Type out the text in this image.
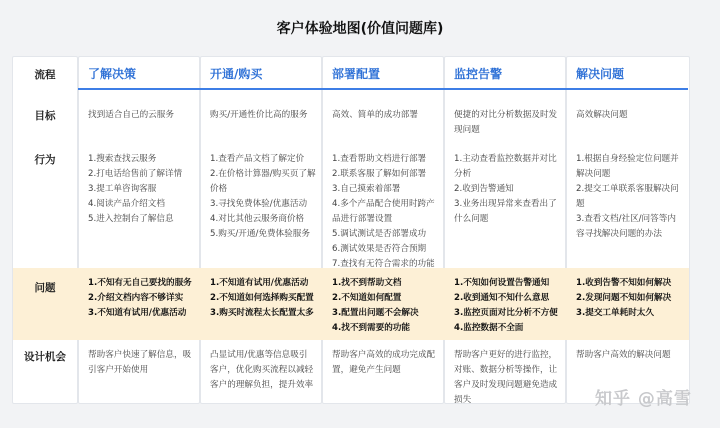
客户体验地图(价值问题库)
流程
目标
行为
问题
设计机会
了解决策
找到适合自己的云服务
1.搜索查找云服务
2.打电话给售前了解详情
3.提工单咨询客服
4.阅读产品介绍文档
5.进入控制台了解信息
1.不知有无自己要找的服务
2.介绍文档内容不够详实
3.不知道有试用/优惠活动
帮助客户快速了解信息，吸引客户开始使用
开通/购买
购买/开通性价比高的服务
1.查看产品文档了解定价
2.在价格计算器/购买页了解价格
3.寻找免费体验/优惠活动
4.对比其他云服务商价格
5.购买/开通/免费体验服务
1.不知道有试用/优惠活动
2.不知道如何选择购买配置
3.购买时流程太长配置太多
凸显试用/优惠等信息吸引客户，优化购买流程以减轻客户的理解负担，提升效率
部署配置
高效、简单的成功部署
1.查看帮助文档进行部署
2.联系客服了解如何部署
3.自己摸索着部署
4.多个产品配合使用时跨产品进行部署设置
5.调试测试是否部署成功
6.测试效果是否符合预期
7.查找有无符合需求的功能
1.找不到帮助文档
2.不知道如何配置
3.配置出问题不会解决
4.找不到需要的功能
帮助客户高效的成功完成配置，避免产生问题
监控告警
便捷的对比分析数据及时发现问题
1.主动查看监控数据并对比分析
2.收到告警通知
3.业务出现异常来查看出了什么问题
1.不知如何设置告警通知
2.收到通知不知什么意思
3.监控页面对比分析不方便
4.监控数据不全面
帮助客户更好的进行监控，对账、数据分析等操作，让客户及时发现问题避免造成损失
解决问题
高效解决问题
1.根据自身经验定位问题并解决问题
2.提交工单联系客服解决问题
3.查看文档/社区/问答等内容寻找解决问题的办法
1.收到告警不知如何解决
2.发现问题不知如何解决
3.提交工单耗时太久
帮助客户高效的解决问题
知乎 @高雪
